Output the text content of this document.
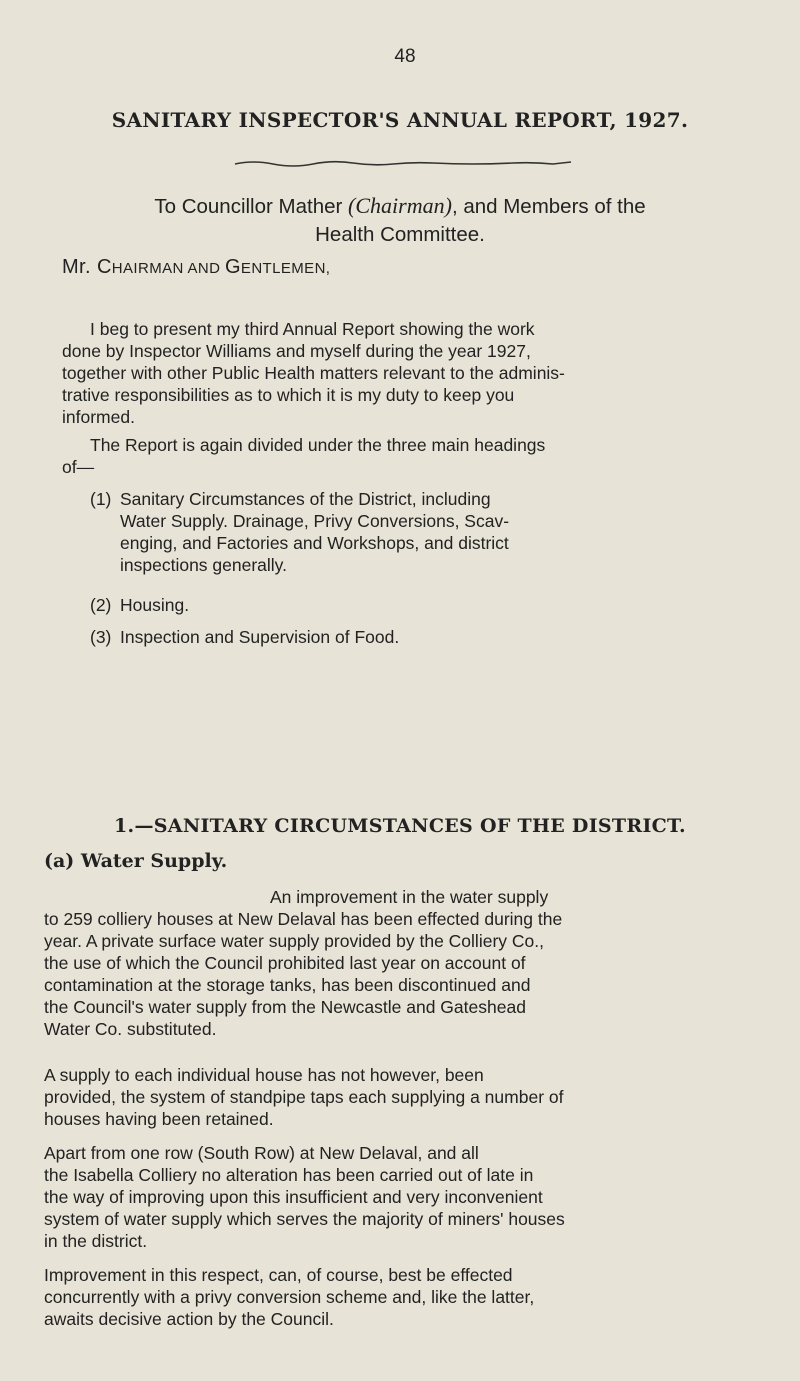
48
SANITARY INSPECTOR'S ANNUAL REPORT, 1927.
To Councillor Mather (Chairman), and Members of the
Health Committee.
Mr. CHAIRMAN AND GENTLEMEN,
I beg to present my third Annual Report showing the work
done by Inspector Williams and myself during the year 1927,
together with other Public Health matters relevant to the adminis-
trative responsibilities as to which it is my duty to keep you
informed.
The Report is again divided under the three main headings
of—
(1) Sanitary Circumstances of the District, including
Water Supply. Drainage, Privy Conversions, Scav-
enging, and Factories and Workshops, and district
inspections generally.
(2) Housing.
(3) Inspection and Supervision of Food.
1.—SANITARY CIRCUMSTANCES OF THE DISTRICT.
(a) Water Supply.
An improvement in the water supply
to 259 colliery houses at New Delaval has been effected during the
year. A private surface water supply provided by the Colliery Co.,
the use of which the Council prohibited last year on account of
contamination at the storage tanks, has been discontinued and
the Council's water supply from the Newcastle and Gateshead
Water Co. substituted.
A supply to each individual house has not however, been
provided, the system of standpipe taps each supplying a number of
houses having been retained.
Apart from one row (South Row) at New Delaval, and all
the Isabella Colliery no alteration has been carried out of late in
the way of improving upon this insufficient and very inconvenient
system of water supply which serves the majority of miners' houses
in the district.
Improvement in this respect, can, of course, best be effected
concurrently with a privy conversion scheme and, like the latter,
awaits decisive action by the Council.
